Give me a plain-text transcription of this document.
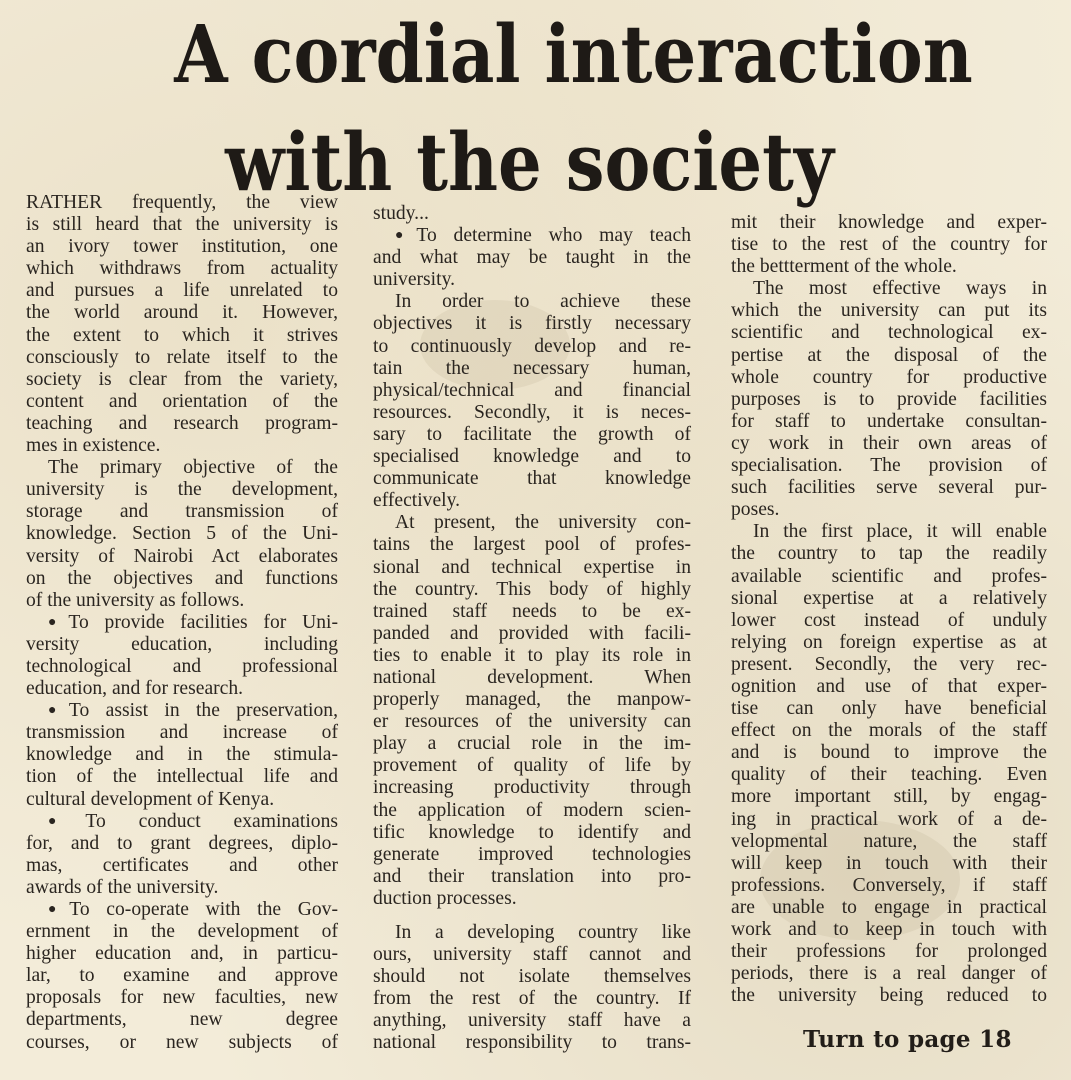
A cordial interaction
with the society
RATHER frequently, the view
is still heard that the university is
an ivory tower institution, one
which withdraws from actuality
and pursues a life unrelated to
the world around it. However,
the extent to which it strives
consciously to relate itself to the
society is clear from the variety,
content and orientation of the
teaching and research program-
mes in existence.
The primary objective of the
university is the development,
storage and transmission of
knowledge. Section 5 of the Uni-
versity of Nairobi Act elaborates
on the objectives and functions
of the university as follows.
●To provide facilities for Uni-
versity education, including
technological and professional
education, and for research.
●To assist in the preservation,
transmission and increase of
knowledge and in the stimula-
tion of the intellectual life and
cultural development of Kenya.
●To conduct examinations
for, and to grant degrees, diplo-
mas, certificates and other
awards of the university.
●To co-operate with the Gov-
ernment in the development of
higher education and, in particu-
lar, to examine and approve
proposals for new faculties, new
departments, new degree
courses, or new subjects of
study...
●To determine who may teach
and what may be taught in the
university.
In order to achieve these
objectives it is firstly necessary
to continuously develop and re-
tain the necessary human,
physical/technical and financial
resources. Secondly, it is neces-
sary to facilitate the growth of
specialised knowledge and to
communicate that knowledge
effectively.
At present, the university con-
tains the largest pool of profes-
sional and technical expertise in
the country. This body of highly
trained staff needs to be ex-
panded and provided with facili-
ties to enable it to play its role in
national development. When
properly managed, the manpow-
er resources of the university can
play a crucial role in the im-
provement of quality of life by
increasing productivity through
the application of modern scien-
tific knowledge to identify and
generate improved technologies
and their translation into pro-
duction processes.
In a developing country like
ours, university staff cannot and
should not isolate themselves
from the rest of the country. If
anything, university staff have a
national responsibility to trans-
mit their knowledge and exper-
tise to the rest of the country for
the bettterment of the whole.
The most effective ways in
which the university can put its
scientific and technological ex-
pertise at the disposal of the
whole country for productive
purposes is to provide facilities
for staff to undertake consultan-
cy work in their own areas of
specialisation. The provision of
such facilities serve several pur-
poses.
In the first place, it will enable
the country to tap the readily
available scientific and profes-
sional expertise at a relatively
lower cost instead of unduly
relying on foreign expertise as at
present. Secondly, the very rec-
ognition and use of that exper-
tise can only have beneficial
effect on the morals of the staff
and is bound to improve the
quality of their teaching. Even
more important still, by engag-
ing in practical work of a de-
velopmental nature, the staff
will keep in touch with their
professions. Conversely, if staff
are unable to engage in practical
work and to keep in touch with
their professions for prolonged
periods, there is a real danger of
the university being reduced to
Turn to page 18
